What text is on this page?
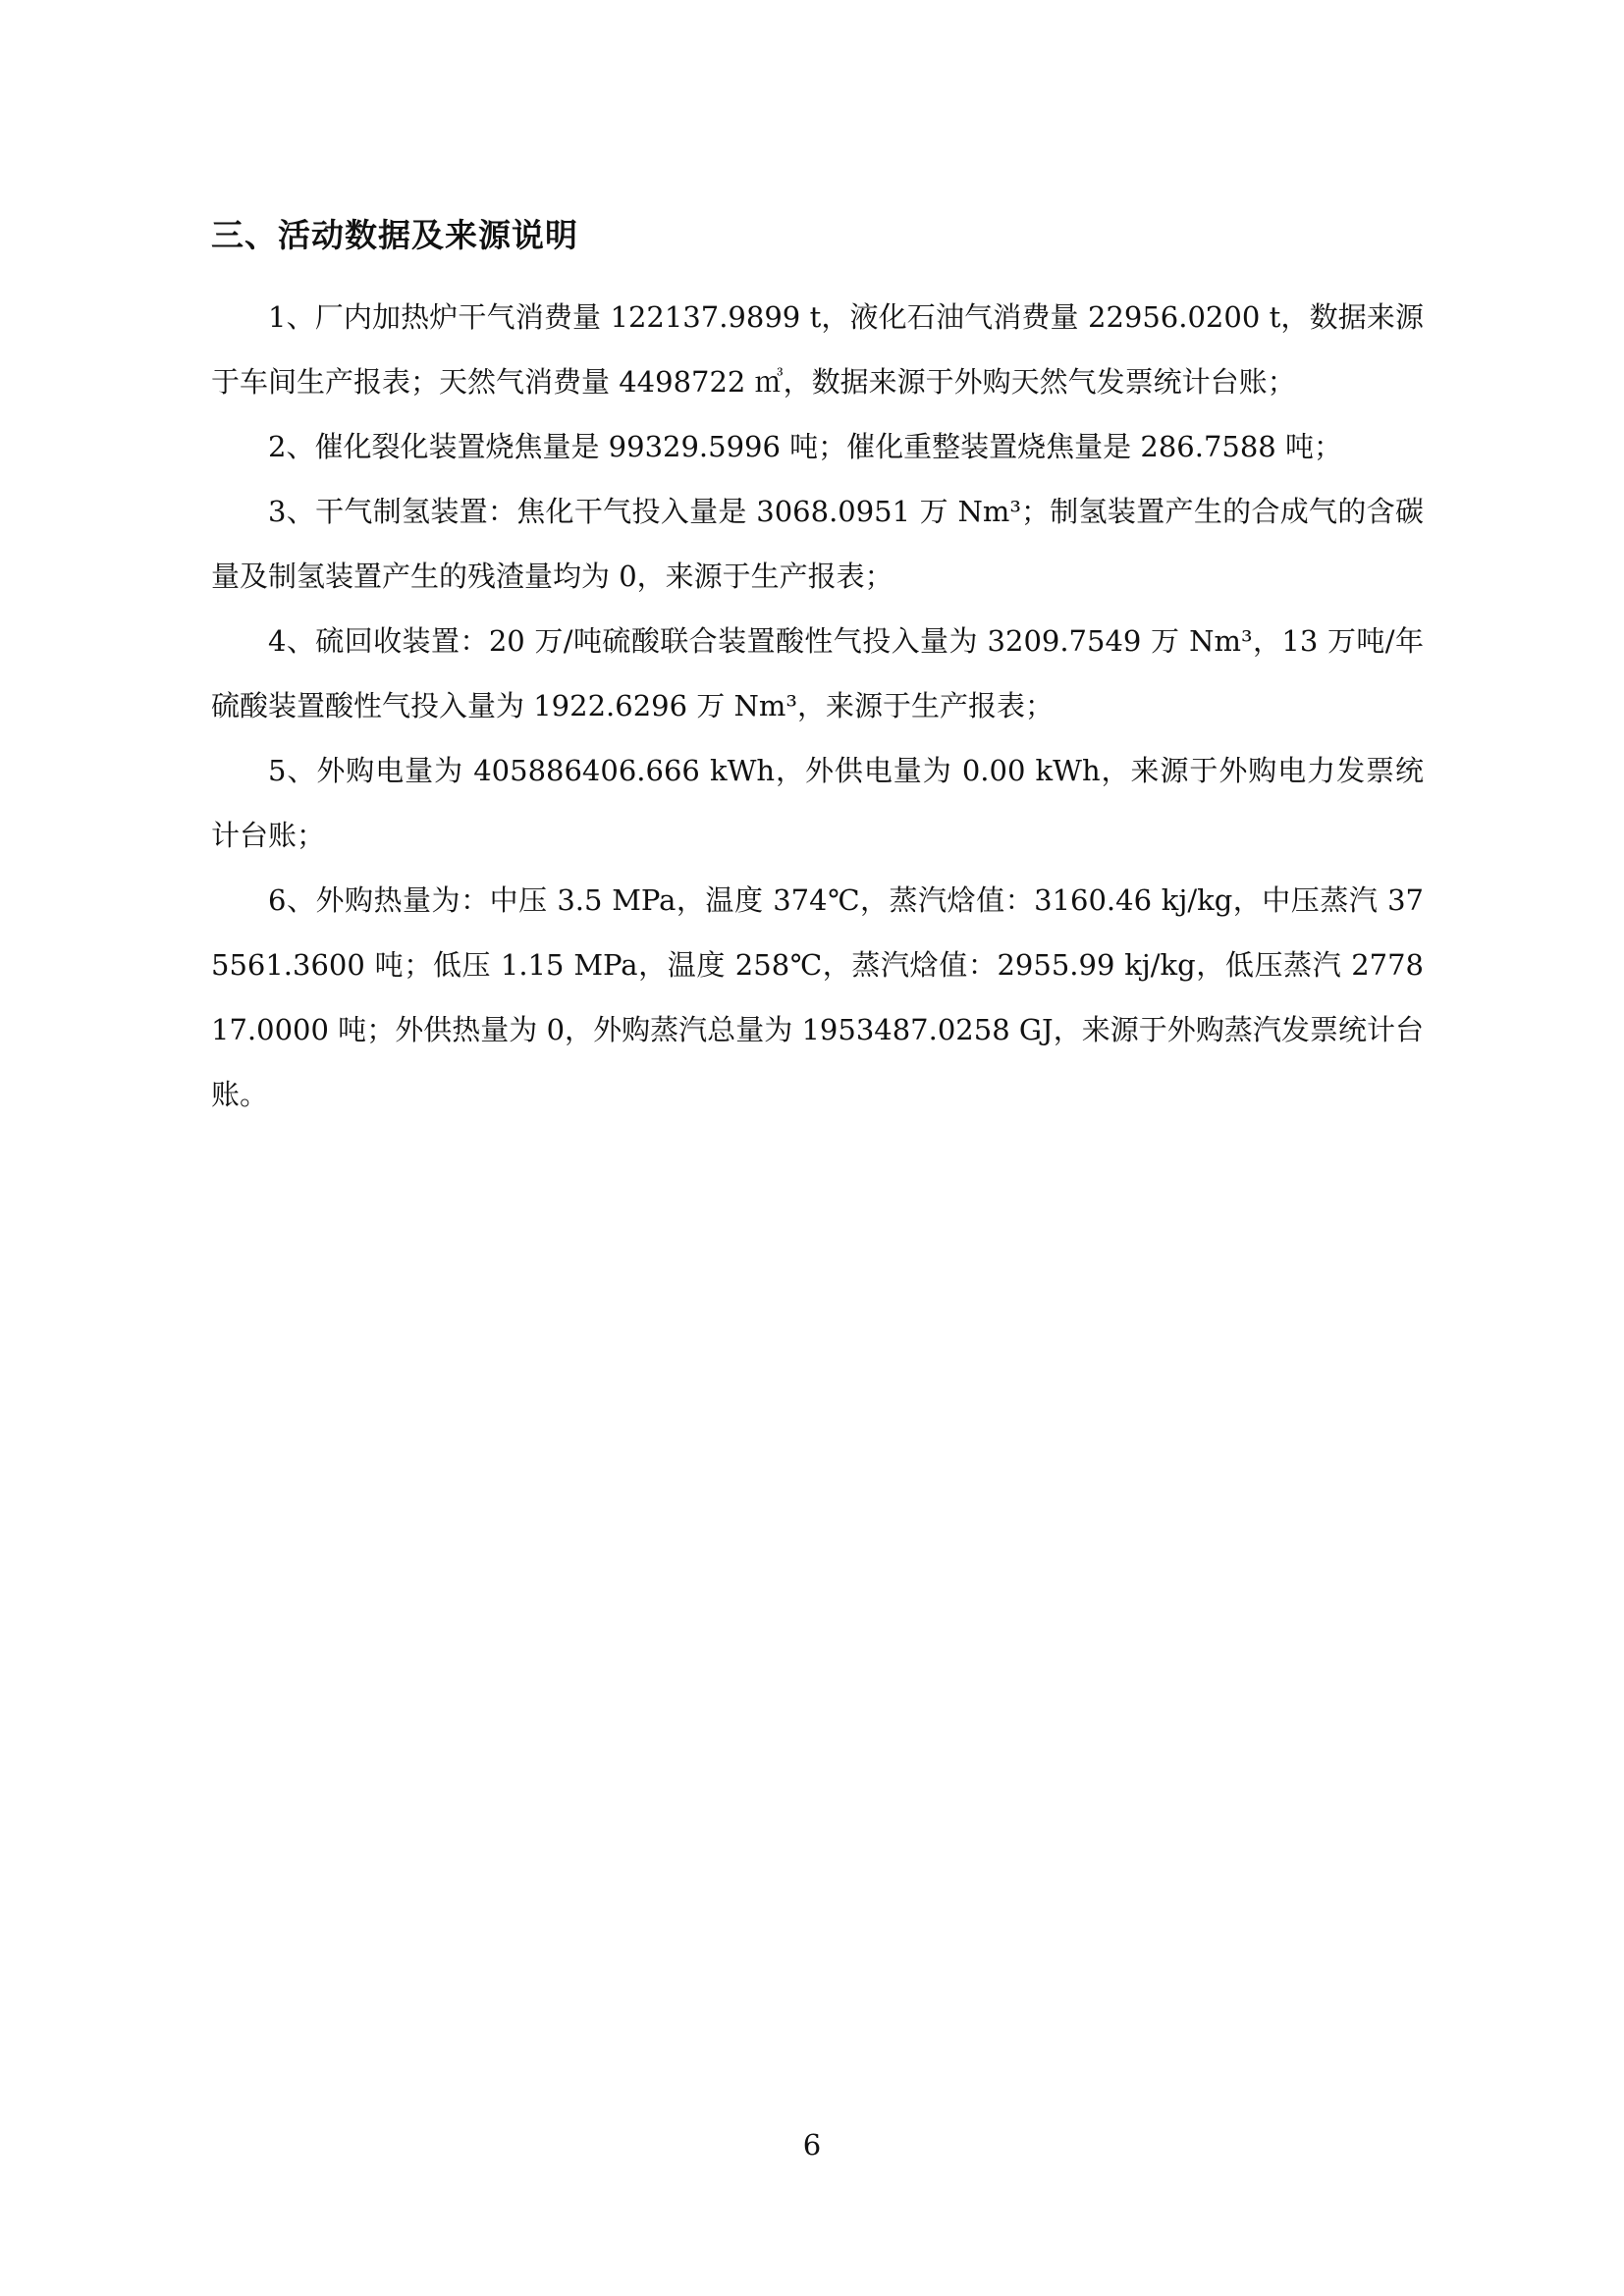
三、活动数据及来源说明

1、厂内加热炉干气消费量 122137.9899 t，液化石油气消费量 22956.0200 t，数据来源于车间生产报表；天然气消费量 4498722 ㎥，数据来源于外购天然气发票统计台账；

2、催化裂化装置烧焦量是 99329.5996 吨；催化重整装置烧焦量是 286.7588 吨；

3、干气制氢装置：焦化干气投入量是 3068.0951 万 Nm³；制氢装置产生的合成气的含碳量及制氢装置产生的残渣量均为 0，来源于生产报表；

4、硫回收装置：20 万/吨硫酸联合装置酸性气投入量为 3209.7549 万 Nm³，13 万吨/年硫酸装置酸性气投入量为 1922.6296 万 Nm³，来源于生产报表；

5、外购电量为 405886406.666 kWh，外供电量为 0.00 kWh，来源于外购电力发票统计台账；

6、外购热量为：中压 3.5 MPa，温度 374℃，蒸汽焓值：3160.46 kj/kg，中压蒸汽 375561.3600 吨；低压 1.15 MPa，温度 258℃，蒸汽焓值：2955.99 kj/kg，低压蒸汽 277817.0000 吨；外供热量为 0，外购蒸汽总量为 1953487.0258 GJ，来源于外购蒸汽发票统计台账。

6
